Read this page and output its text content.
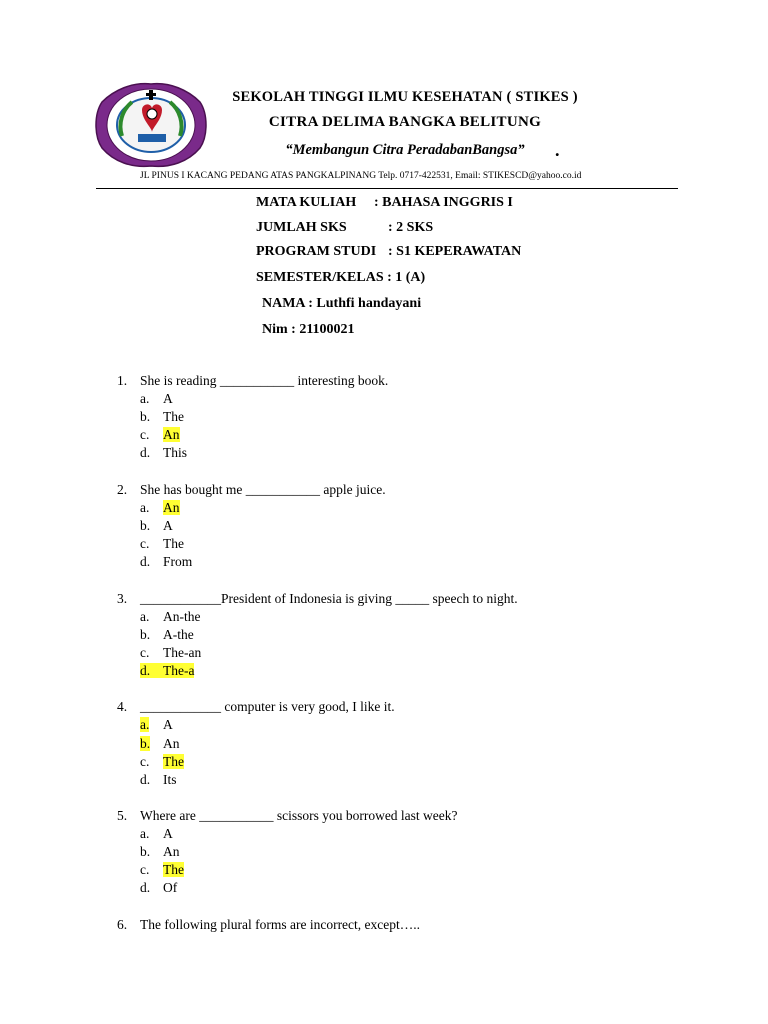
SEKOLAH TINGGI ILMU KESEHATAN ( STIKES )
CITRA DELIMA BANGKA BELITUNG
“Membangun Citra PeradabanBangsa”	.
JL PINUS I KACANG PEDANG ATAS PANGKALPINANG Telp. 0717-422531, Email: STIKESCD@yahoo.co.id
MATA KULIAH : BAHASA INGGRIS I
JUMLAH SKS	: 2 SKS
PROGRAM STUDI : S1 KEPERAWATAN
SEMESTER/KELAS : 1 (A)
NAMA : Luthfi handayani
Nim : 21100021
1. She is reading ___________ interesting book.
a. A
b. The
c. An
d. This
2. She has bought me ___________ apple juice.
a. An
b. A
c. The
d. From
3. ____________President of Indonesia is giving _____ speech to night.
a. An-the
b. A-the
c. The-an
d. The-a
4. ____________ computer is very good, I like it.
a. A
b. An
c. The
d. Its
5. Where are ___________ scissors you borrowed last week?
a. A
b. An
c. The
d. Of
6. The following plural forms are incorrect, except…..
